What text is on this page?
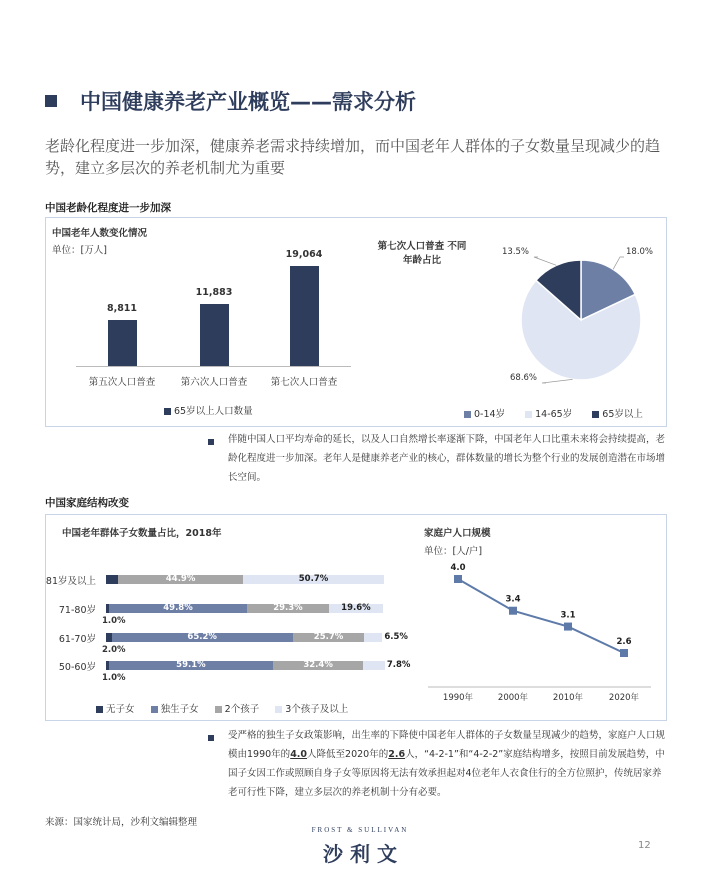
中国健康养老产业概览——需求分析
老龄化程度进一步加深，健康养老需求持续增加，而中国老年人群体的子女数量呈现减少的趋势，建立多层次的养老机制尤为重要
中国老龄化程度进一步加深
中国老年人数变化情况
单位：[万人]
8,811
第五次人口普查
11,883
第六次人口普查
19,064
第七次人口普查
65岁以上人口数量
第七次人口普查 不同年龄占比
18.0%
68.6%
13.5%
0-14岁	14-65岁	65岁以上
伴随中国人口平均寿命的延长，以及人口自然增长率逐渐下降，中国老年人口比重未来将会持续提高，老龄化程度进一步加深。老年人是健康养老产业的核心，群体数量的增长为整个行业的发展创造潜在市场增长空间。
中国家庭结构改变
中国老年群体子女数量占比，2018年
81岁及以上	44.9%	50.7%
71-80岁	49.8%	29.3%	19.6%
1.0%
61-70岁	65.2%	25.7%	6.5%
2.0%
50-60岁	59.1%	32.4%	7.8%
1.0%
无子女	独生子女	2个孩子	3个孩子及以上
家庭户人口规模
单位：[人/户]
4.0
1990年
3.4
2000年
3.1
2010年
2.6
2020年
受严格的独生子女政策影响，出生率的下降使中国老年人群体的子女数量呈现减少的趋势，家庭户人口规模由1990年的4.0人降低至2020年的2.6人，“4-2-1”和“4-2-2”家庭结构增多，按照目前发展趋势，中国子女因工作或照顾自身子女等原因将无法有效承担起对4位老年人衣食住行的全方位照护，传统居家养老可行性下降，建立多层次的养老机制十分有必要。
来源：国家统计局，沙利文编辑整理
FROST & SULLIVAN
沙 利 文	12
